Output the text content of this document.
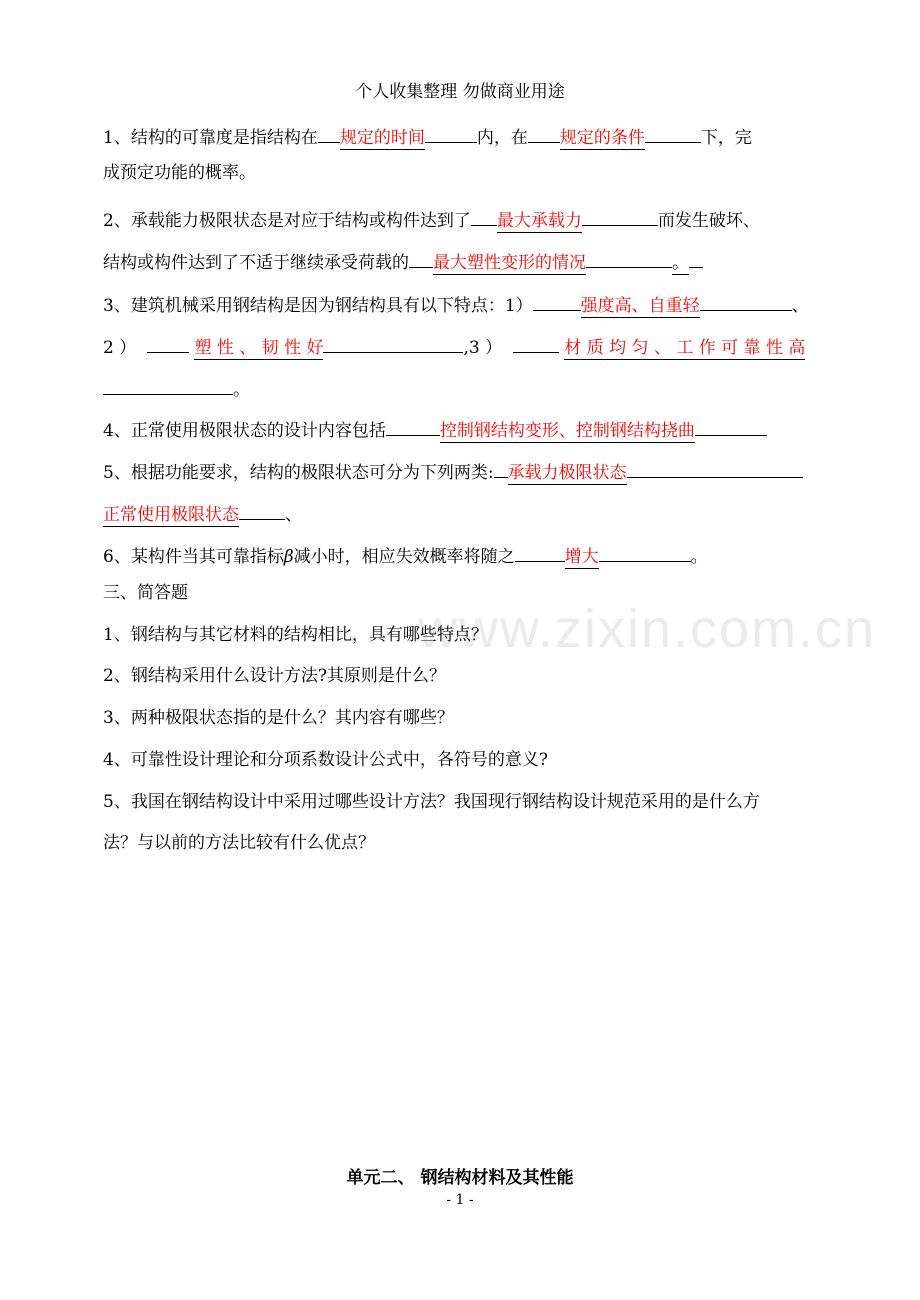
www.zixin.com.cn
个人收集整理 勿做商业用途
1、结构的可靠度是指结构在 规定的时间	内，在 规定的条件	下，完
成预定功能的概率。
2、承载能力极限状态是对应于结构或构件达到了 最大承载力	而发生破坏、
结构或构件达到了不适于继续承受荷载的 最大塑性变形的情况	。
3、建筑机械采用钢结构是因为钢结构具有以下特点：1）	强度高、自重轻	、
2 ）	塑 性 、 韧 性 好	,3 ）	材 质 均 匀 、 工 作 可 靠 性 高
。
4、正常使用极限状态的设计内容包括	控制钢结构变形、控制钢结构挠曲
5、根据功能要求，结构的极限状态可分为下列两类: 承载力极限状态
正常使用极限状态	、
6、某构件当其可靠指标β减小时，相应失效概率将随之	增大	。
三、简答题
1、钢结构与其它材料的结构相比，具有哪些特点？
2、钢结构采用什么设计方法?其原则是什么？
3、两种极限状态指的是什么？其内容有哪些？
4、可靠性设计理论和分项系数设计公式中，各符号的意义?
5、我国在钢结构设计中采用过哪些设计方法？我国现行钢结构设计规范采用的是什么方
法？与以前的方法比较有什么优点？
单元二、 钢结构材料及其性能
- 1 -
